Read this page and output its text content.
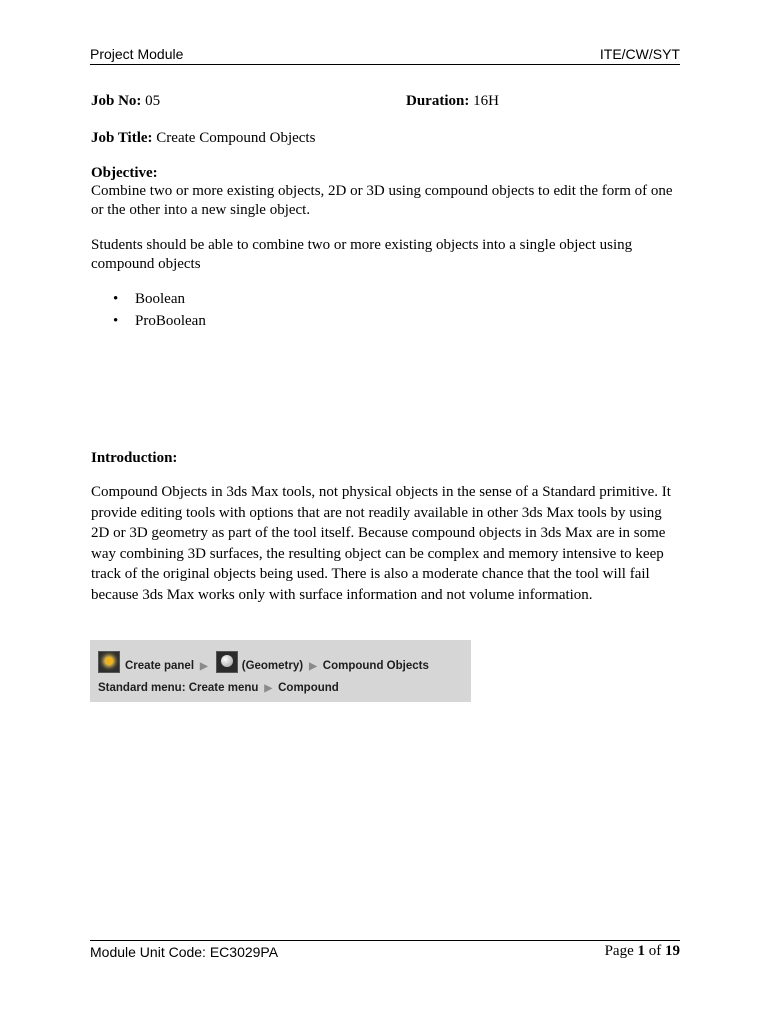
Project Module	ITE/CW/SYT
Job No: 05	Duration: 16H
Job Title: Create Compound Objects
Objective:
Combine two or more existing objects, 2D or 3D using compound objects to edit the form of one or the other into a new single object.
Students should be able to combine two or more existing objects into a single object using compound objects
• Boolean
• ProBoolean
Introduction:
Compound Objects in 3ds Max tools, not physical objects in the sense of a Standard primitive. It provide editing tools with options that are not readily available in other 3ds Max tools by using 2D or 3D geometry as part of the tool itself. Because compound objects in 3ds Max are in some way combining 3D surfaces, the resulting object can be complex and memory intensive to keep track of the original objects being used. There is also a moderate chance that the tool will fail because 3ds Max works only with surface information and not volume information.
Create panel ▶	(Geometry) ▶ Compound Objects
Standard menu: Create menu ▶ Compound
Module Unit Code: EC3029PA	Page 1 of 19
